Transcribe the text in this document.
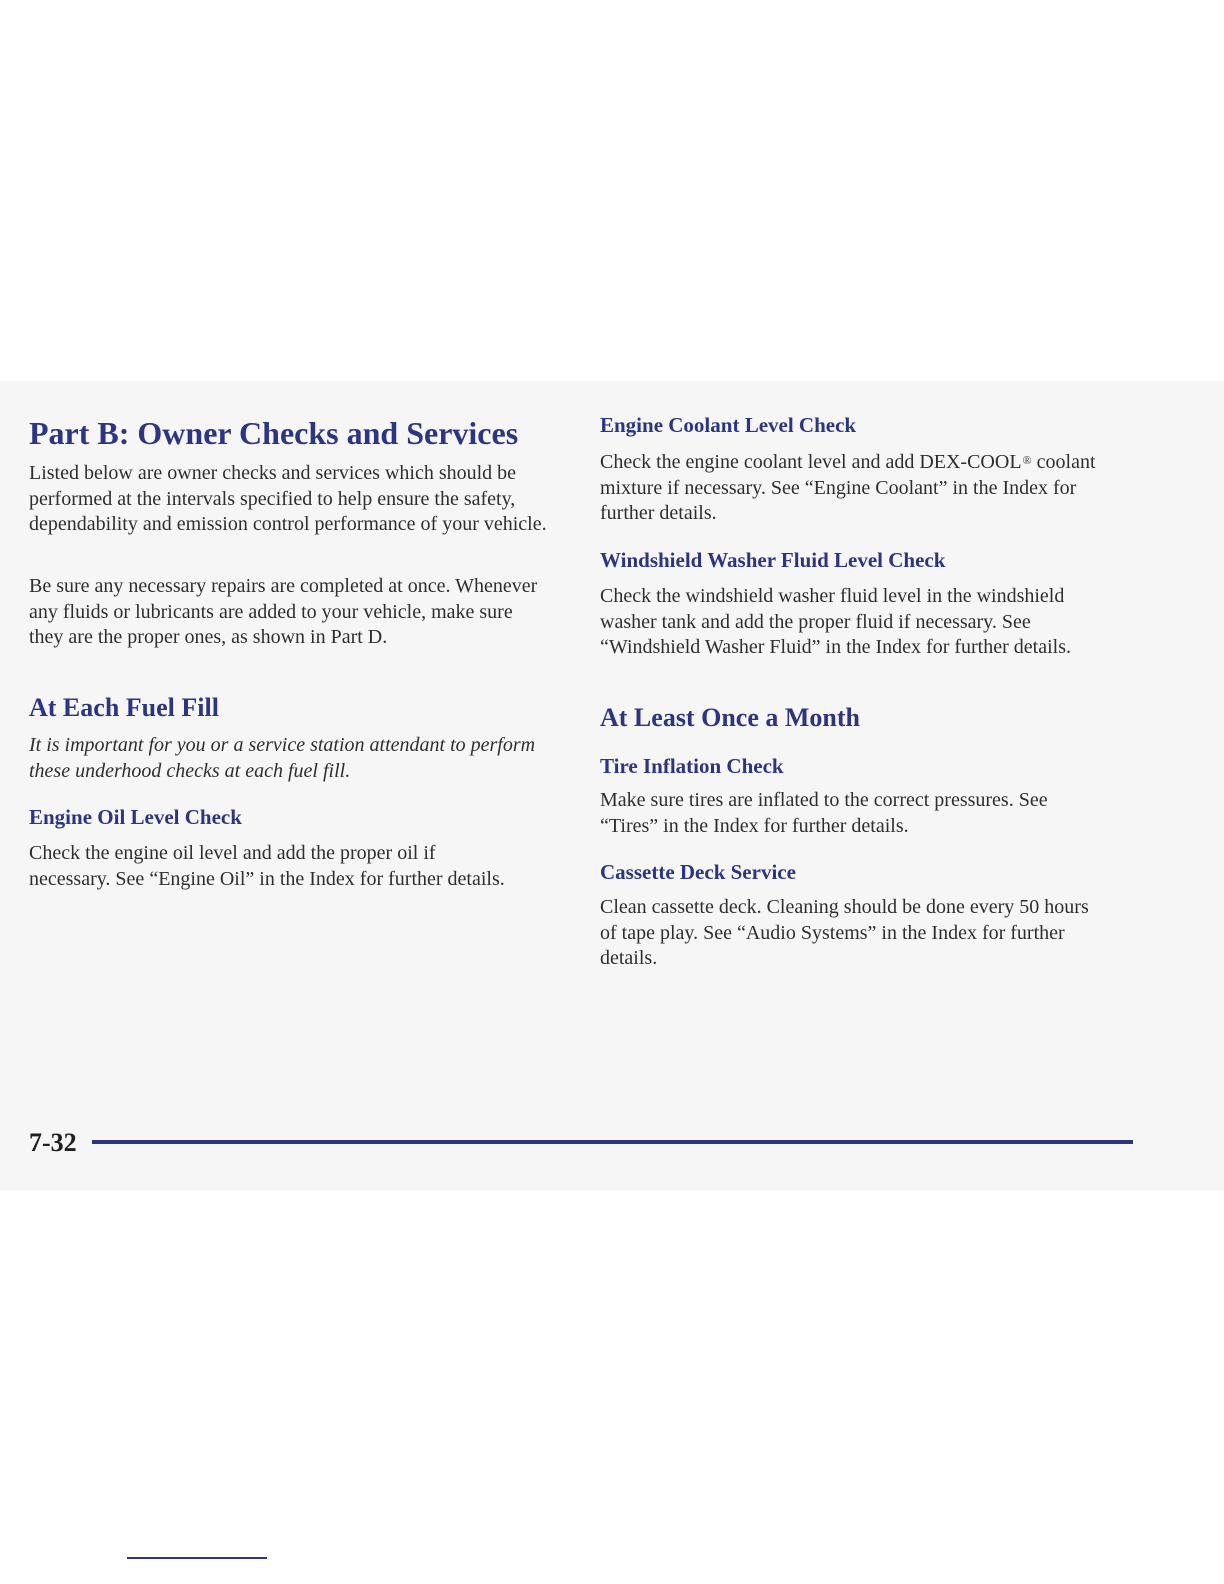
Part B: Owner Checks and Services

Listed below are owner checks and services which should be performed at the intervals specified to help ensure the safety, dependability and emission control performance of your vehicle.

Be sure any necessary repairs are completed at once. Whenever any fluids or lubricants are added to your vehicle, make sure they are the proper ones, as shown in Part D.

At Each Fuel Fill

It is important for you or a service station attendant to perform these underhood checks at each fuel fill.

Engine Oil Level Check

Check the engine oil level and add the proper oil if necessary. See “Engine Oil” in the Index for further details.

Engine Coolant Level Check

Check the engine coolant level and add DEX-COOL® coolant mixture if necessary. See “Engine Coolant” in the Index for further details.

Windshield Washer Fluid Level Check

Check the windshield washer fluid level in the windshield washer tank and add the proper fluid if necessary. See “Windshield Washer Fluid” in the Index for further details.

At Least Once a Month
Tire Inflation Check

Make sure tires are inflated to the correct pressures. See “Tires” in the Index for further details.

Cassette Deck Service

Clean cassette deck. Cleaning should be done every 50 hours of tape play. See “Audio Systems” in the Index for further details.

7-32
